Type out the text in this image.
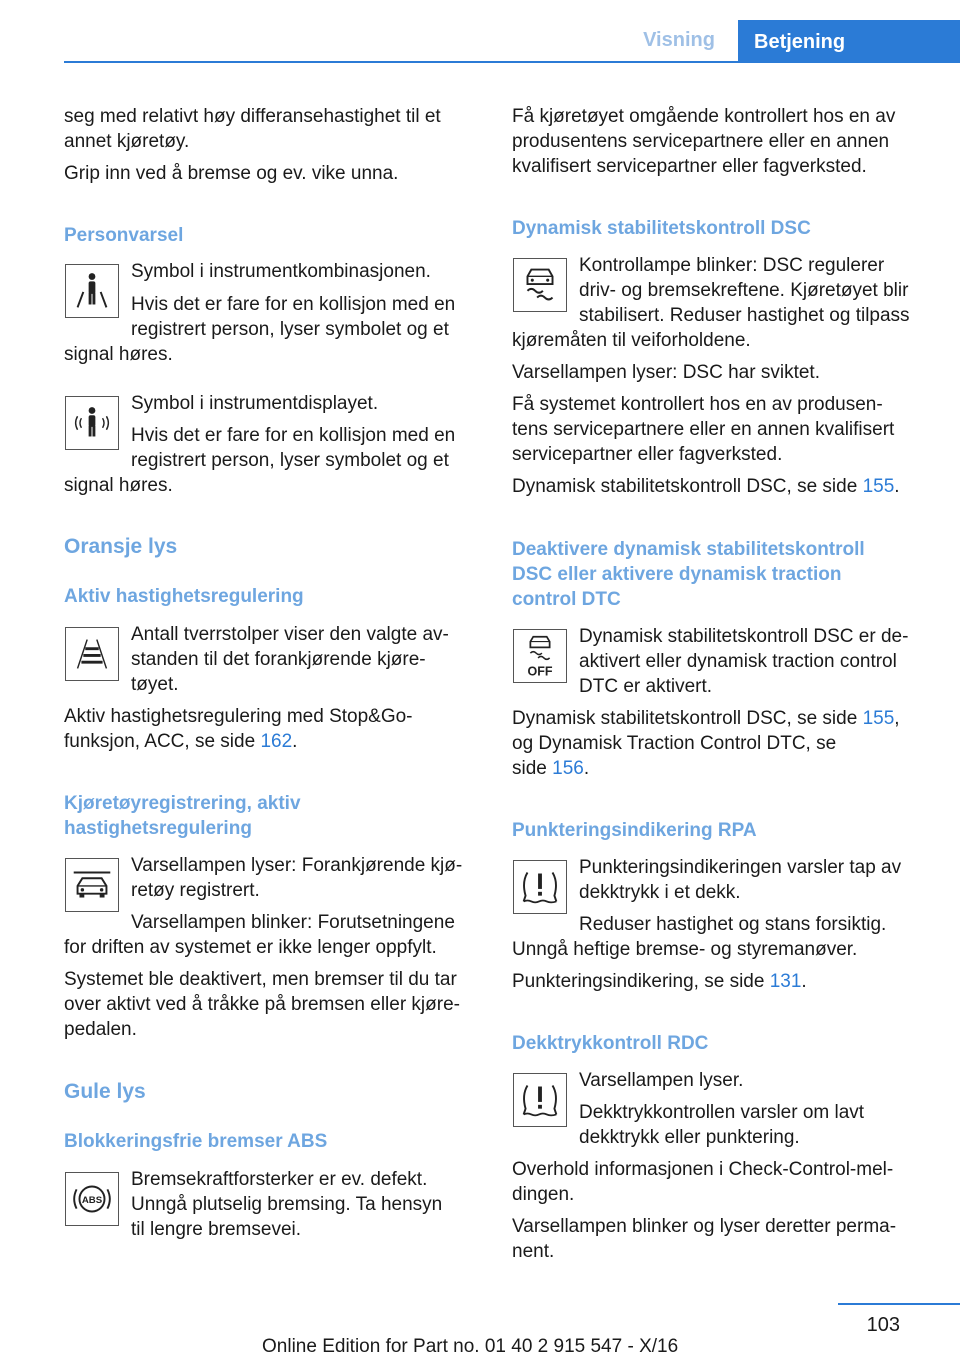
Visning	Betjening
seg med relativt høy differansehastighet til et
annet kjøretøy.
Grip inn ved å bremse og ev. vike unna.
Personvarsel
Symbol i instrumentkombinasjonen.
Hvis det er fare for en kollisjon med en
registrert person, lyser symbolet og et
signal høres.
Symbol i instrumentdisplayet.
Hvis det er fare for en kollisjon med en
registrert person, lyser symbolet og et
signal høres.
Oransje lys
Aktiv hastighetsregulering
Antall tverrstolper viser den valgte av-
standen til det forankjørende kjøre-
tøyet.
Aktiv hastighetsregulering med Stop&Go-
funksjon, ACC, se side 162.
Kjøretøyregistrering, aktiv
hastighetsregulering
Varsellampen lyser: Forankjørende kjø-
retøy registrert.
Varsellampen blinker: Forutsetningene
for driften av systemet er ikke lenger oppfylt.
Systemet ble deaktivert, men bremser til du tar
over aktivt ved å tråkke på bremsen eller kjøre-
pedalen.
Gule lys
Blokkeringsfrie bremser ABS
ABS
Bremsekraftforsterker er ev. defekt.
Unngå plutselig bremsing. Ta hensyn
til lengre bremsevei.
Få kjøretøyet omgående kontrollert hos en av
produsentens servicepartnere eller en annen
kvalifisert servicepartner eller fagverksted.
Dynamisk stabilitetskontroll DSC
Kontrollampe blinker: DSC regulerer
driv- og bremsekreftene. Kjøretøyet blir
stabilisert. Reduser hastighet og tilpass
kjøremåten til veiforholdene.
Varsellampen lyser: DSC har sviktet.
Få systemet kontrollert hos en av produsen-
tens servicepartnere eller en annen kvalifisert
servicepartner eller fagverksted.
Dynamisk stabilitetskontroll DSC, se side 155.
Deaktivere dynamisk stabilitetskontroll
DSC eller aktivere dynamisk traction
control DTC
OFF
Dynamisk stabilitetskontroll DSC er de-
aktivert eller dynamisk traction control
DTC er aktivert.
Dynamisk stabilitetskontroll DSC, se side 155,
og Dynamisk Traction Control DTC, se
side 156.
Punkteringsindikering RPA
Punkteringsindikeringen varsler tap av
dekktrykk i et dekk.
Reduser hastighet og stans forsiktig.
Unngå heftige bremse- og styremanøver.
Punkteringsindikering, se side 131.
Dekktrykkontroll RDC
Varsellampen lyser.
Dekktrykkontrollen varsler om lavt
dekktrykk eller punktering.
Overhold informasjonen i Check-Control-mel-
dingen.
Varsellampen blinker og lyser deretter perma-
nent.
103
Online Edition for Part no. 01 40 2 915 547 - X/16
